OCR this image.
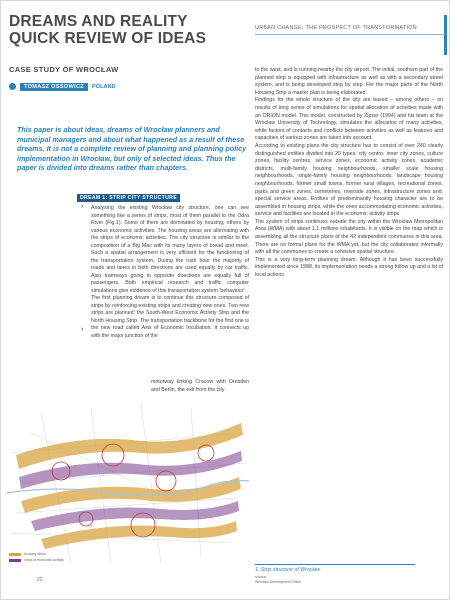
DREAMS AND REALITY
QUICK REVIEW OF IDEAS
CASE STUDY OF WROCŁAW
URBAN CHANGE: THE PROSPECT OF TRANSFORMATION
TOMASZ OSSOWICZ	POLAND
This paper is about ideas, dreams of Wrocław planners and municipal managers and about what happened as a result of these dreams. It is not a complete review of planning and planning policy implementation in Wrocław, but only of selected ideas. Thus the paper is divided into dreams rather than chapters.
DREAM 1: STRIP CITY STRUCTURE
›
›

Analysing the existing Wrocław city structure, one can see something like a series of strips, most of them parallel to the Odra River (Fig.1). Some of them are dominated by housing, others by various economic activities. The housing areas are alternating with the strips of economic activities. The city structure is similar to the composition of a Big Mac with its many layers of bread and meet. Such a spatial arrangement is very efficient for the functioning of the transportation system. During the rush hour the majority of roads and lanes in both directions are used equally by car traffic. Also tramways going in opposite directions are equally full of passengers. Both empirical research and traffic computer simulations give evidence of this transportation system 'behaviour'.

The first planning dream is to continue this structure composed of strips by reinforcing existing strips and creating new ones. Two new strips are planned: the South-West Economic Activity Strip and the North Housing Strip. The transportation backbone for the first one is the new road called Axis of Economic Incubation. It connects up with the major junction of the

motorway linking Cracow with Dresden and Berlin, the exit from the city

to the west, and is running nearby the city airport. The initial, southern part of the planned strip is equipped with infrastructure as well as with a secondary street system, and is being developed step by step. For the major parts of the North Housing Strip a master plan is being elaborated.

Findings for the whole structure of the city are based – among others – on results of long series of simulations for spatial allocation of activities made with an ORION model. This model, constructed by Zipser (1994) and his team at the Wrocław University of Technology, simulates the allocation of many activities, while factors of contacts and conflicts between activities as well as features and capacities of various zones are taken into account.

According to existing plans the city structure has to consist of over 240 clearly distinguished entities divided into 20 types: city centre, inner city zones, culture zones, facility centres, service zones, economic activity zones, academic districts, multi-family housing neighbourhoods, smaller scale housing neighbourhoods, single-family housing neighbourhoods, landscape housing neighbourhoods, former small towns, former rural villages, recreational zones, parks and green zones, cemeteries, riverside zones, infrastructure zones and, special service areas. Entities of predominantly housing character are to be assembled in housing strips, while the ones accommodating economic activities, service and facilities are located in the economic activity strips.

The system of strips continues outside the city within the Wrocław Metropolitan Area (WMA) with about 1,1 millions inhabitants. It is visible on the map which is assembling all the structure plans of the 42 independent communes in this area. There are no formal plans for the WMA yet, but the city collaborates informally with all the communes to create a cohesive spatial structure.

This is a very long-term planning dream. Although it has been successfully implemented since 1998, its implementation needs a strong follow up and a lot of local actions.

housing strips
strips of economic activity
22
1. Strip structure of Wrocław
source:
Wrocław Development Office
